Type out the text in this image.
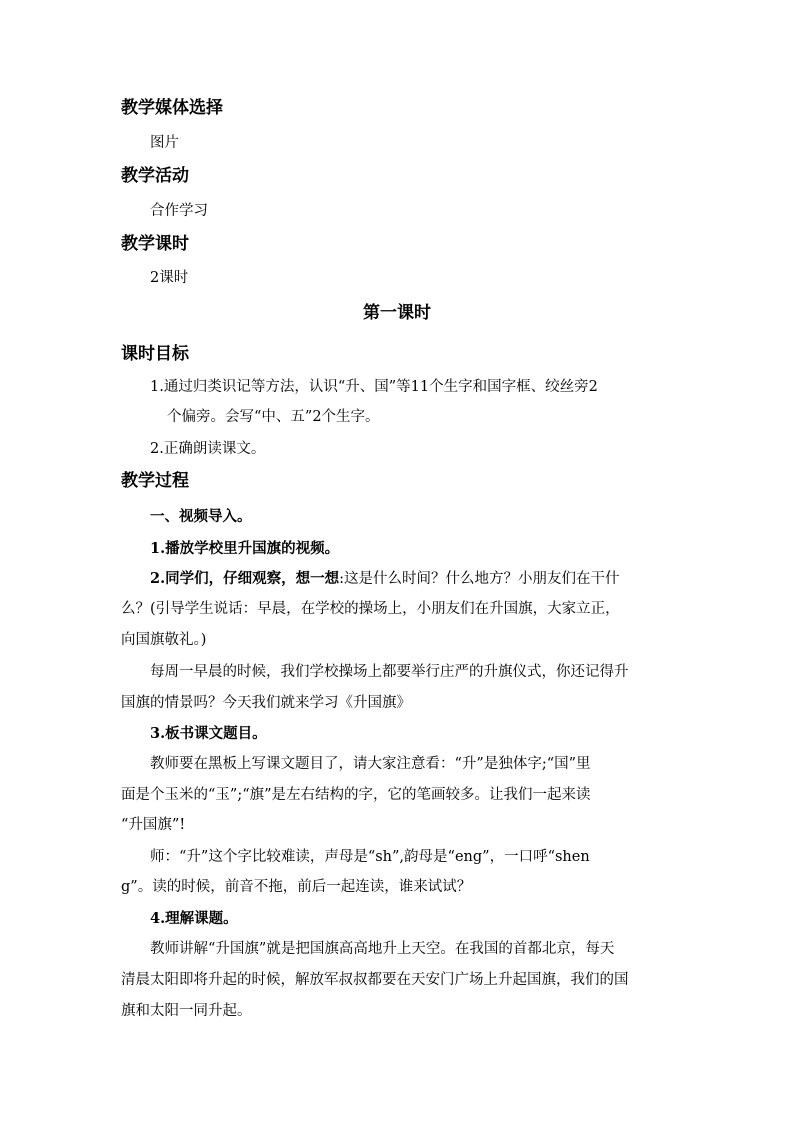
教学媒体选择

图片

教学活动

合作学习

教学课时

2课时

第一课时

课时目标

1.通过归类识记等方法，认识“升、国”等11个生字和国字框、绞丝旁2

个偏旁。会写“中、五”2个生字。

2.正确朗读课文。

教学过程

一、视频导入。

1.播放学校里升国旗的视频。

2.同学们，仔细观察，想一想:这是什么时间？什么地方？小朋友们在干什

么？(引导学生说话：早晨，在学校的操场上，小朋友们在升国旗，大家立正，

向国旗敬礼。)

每周一早晨的时候，我们学校操场上都要举行庄严的升旗仪式，你还记得升

国旗的情景吗？今天我们就来学习《升国旗》

3.板书课文题目。

教师要在黑板上写课文题目了，请大家注意看：“升”是独体字;“国”里

面是个玉米的“玉”;“旗”是左右结构的字，它的笔画较多。让我们一起来读

“升国旗”!

师：“升”这个字比较难读，声母是“sh”,韵母是“eng”，一口呼“shen

g”。读的时候，前音不拖，前后一起连读，谁来试试？

4.理解课题。

教师讲解“升国旗”就是把国旗高高地升上天空。在我国的首都北京，每天

清晨太阳即将升起的时候，解放军叔叔都要在天安门广场上升起国旗，我们的国

旗和太阳一同升起。
